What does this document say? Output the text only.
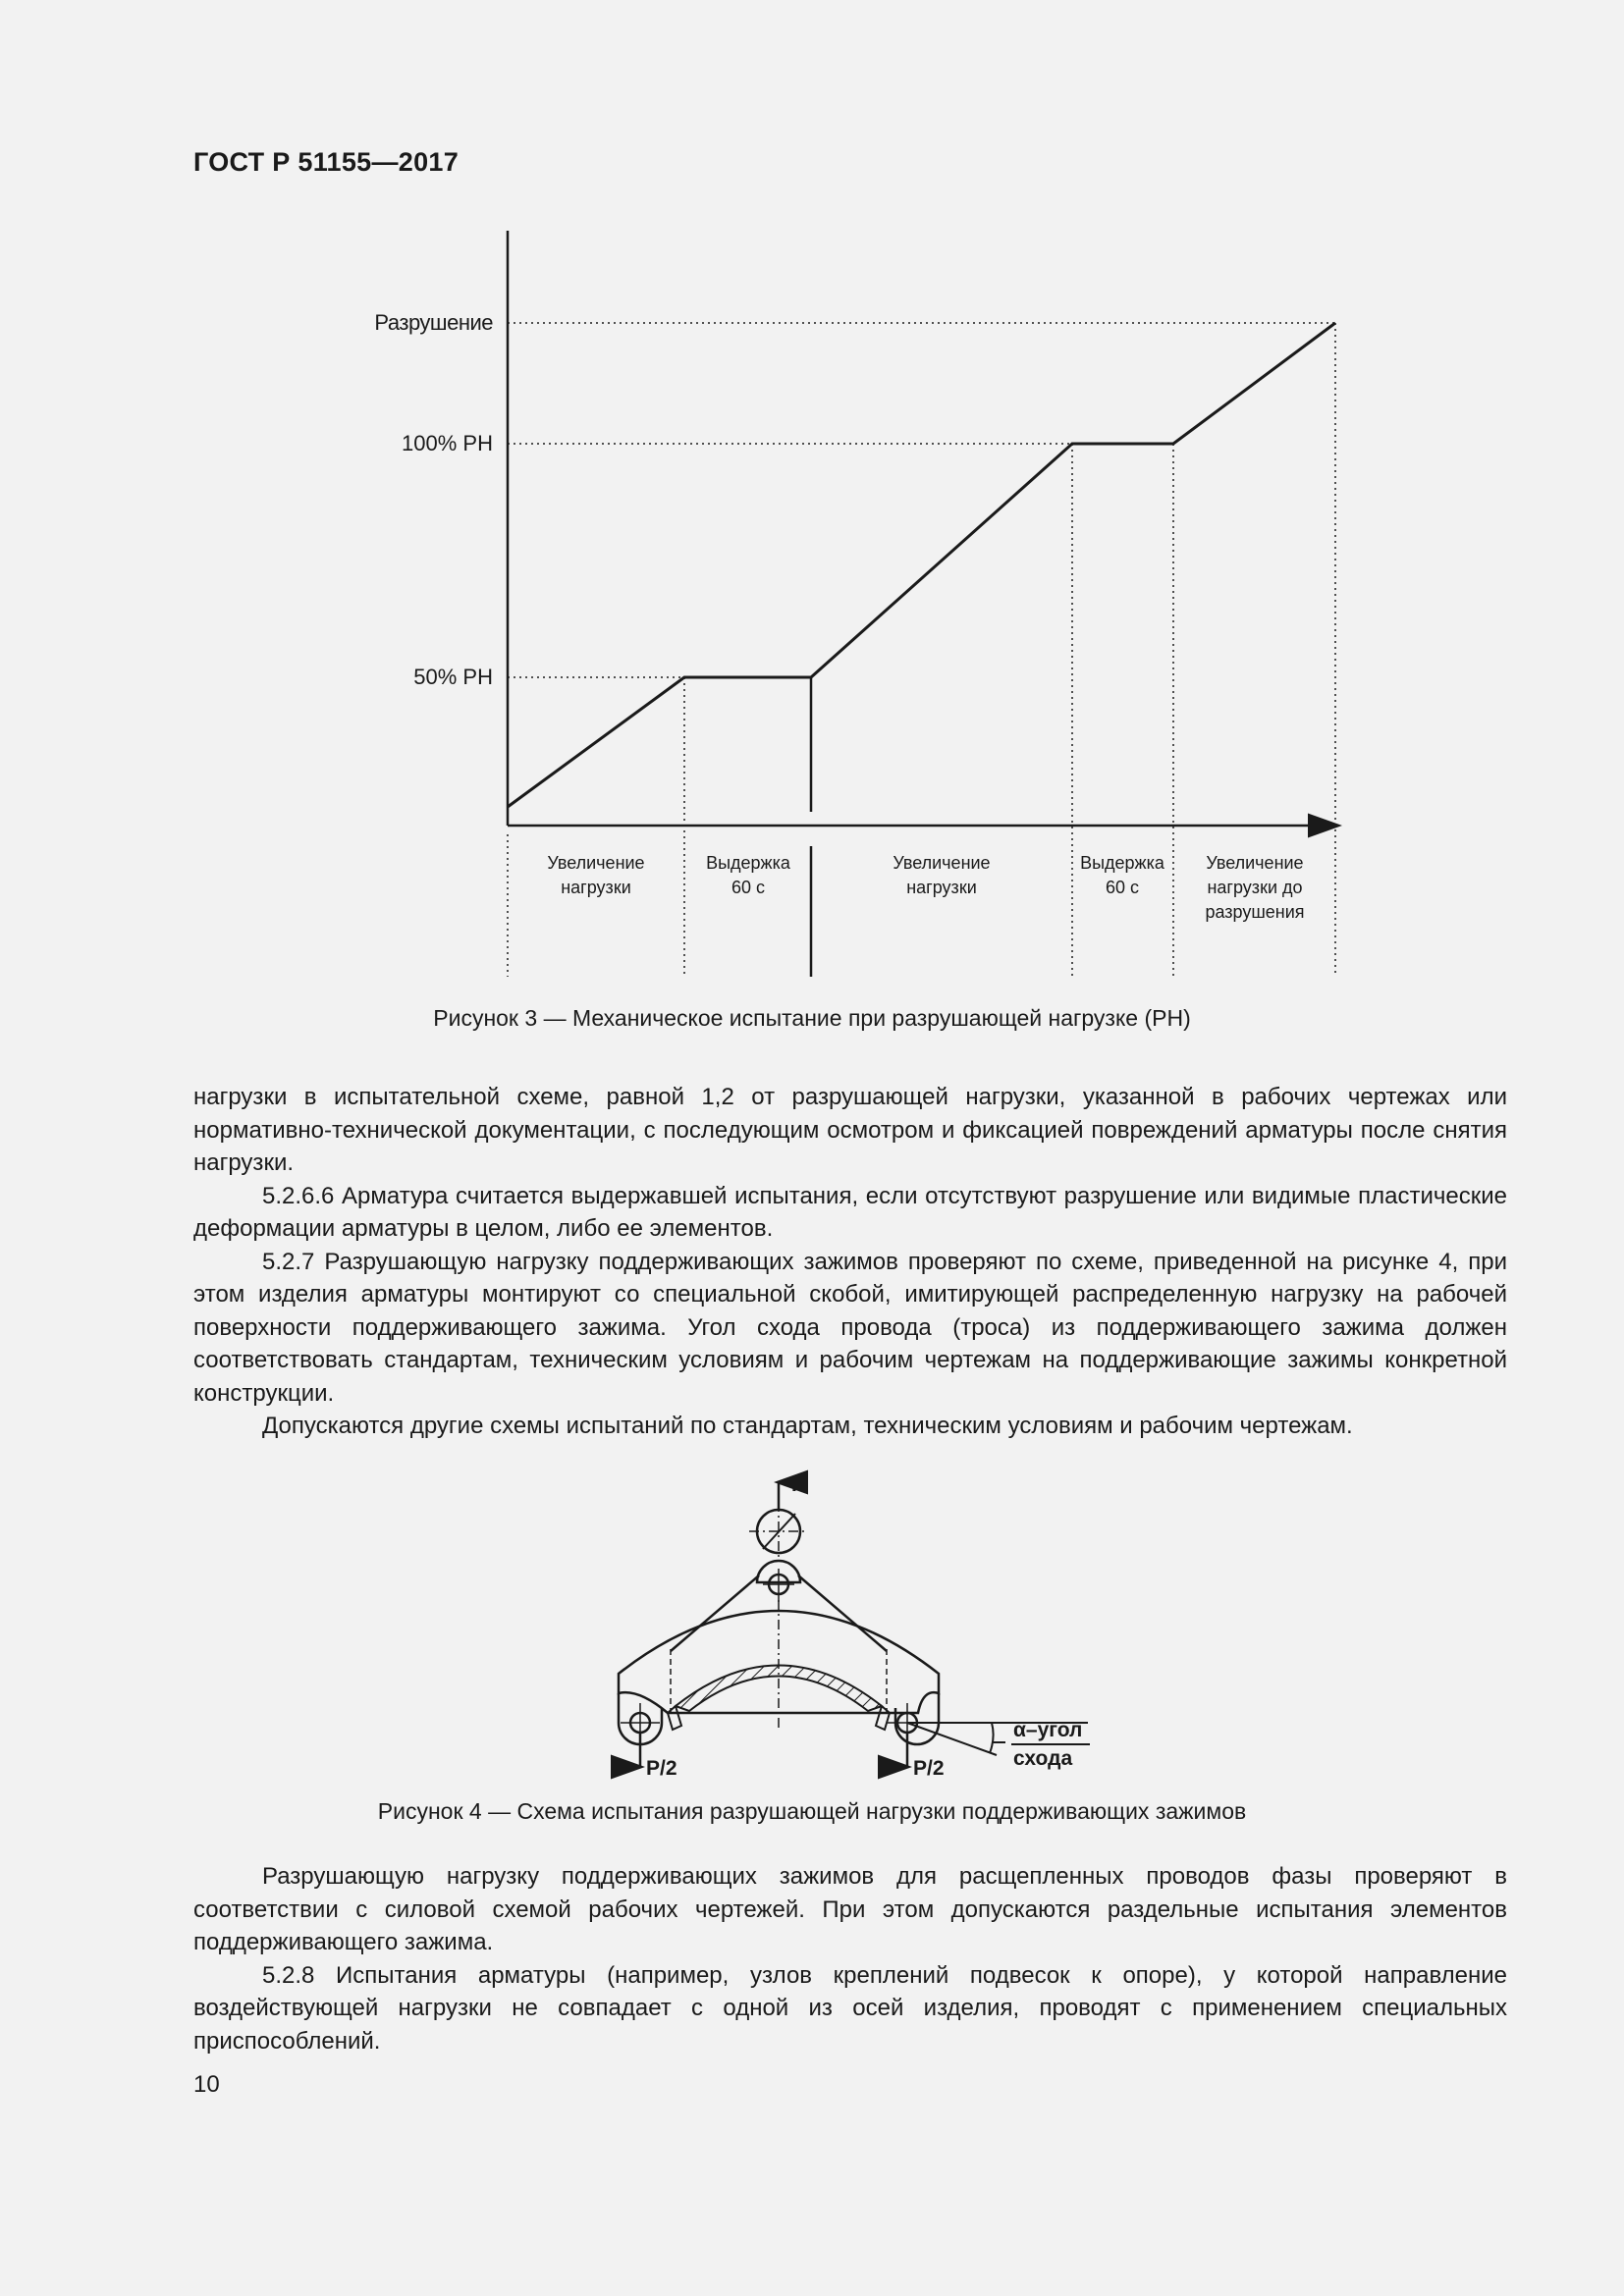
ГОСТ Р 51155—2017
Разрушение
100% РН
50% РН
Увеличение
нагрузки
Выдержка
60 с
Увеличение
нагрузки
Выдержка
60 с
Увеличение
нагрузки до
разрушения
Рисунок 3 — Механическое испытание при разрушающей нагрузке (РН)

нагрузки в испытательной схеме, равной 1,2 от разрушающей нагрузки, указанной в рабочих чертежах или нормативно-технической документации, с последующим осмотром и фиксацией повреждений арматуры после снятия нагрузки.

5.2.6.6 Арматура считается выдержавшей испытания, если отсутствуют разрушение или видимые пластические деформации арматуры в целом, либо ее элементов.

5.2.7 Разрушающую нагрузку поддерживающих зажимов проверяют по схеме, приведенной на рисунке 4, при этом изделия арматуры монтируют со специальной скобой, имитирующей распределенную нагрузку на рабочей поверхности поддерживающего зажима. Угол схода провода (троса) из поддерживающего зажима должен соответствовать стандартам, техническим условиям и рабочим чертежам на поддерживающие зажимы конкретной конструкции.

Допускаются другие схемы испытаний по стандартам, техническим условиям и рабочим чертежам.

Р
Р/2	Р/2
α–угол
схода
Рисунок 4 — Схема испытания разрушающей нагрузки поддерживающих зажимов

Разрушающую нагрузку поддерживающих зажимов для расщепленных проводов фазы проверяют в соответствии с силовой схемой рабочих чертежей. При этом допускаются раздельные испытания элементов поддерживающего зажима.

5.2.8 Испытания арматуры (например, узлов креплений подвесок к опоре), у которой направление воздействующей нагрузки не совпадает с одной из осей изделия, проводят с применением специальных приспособлений.

10
